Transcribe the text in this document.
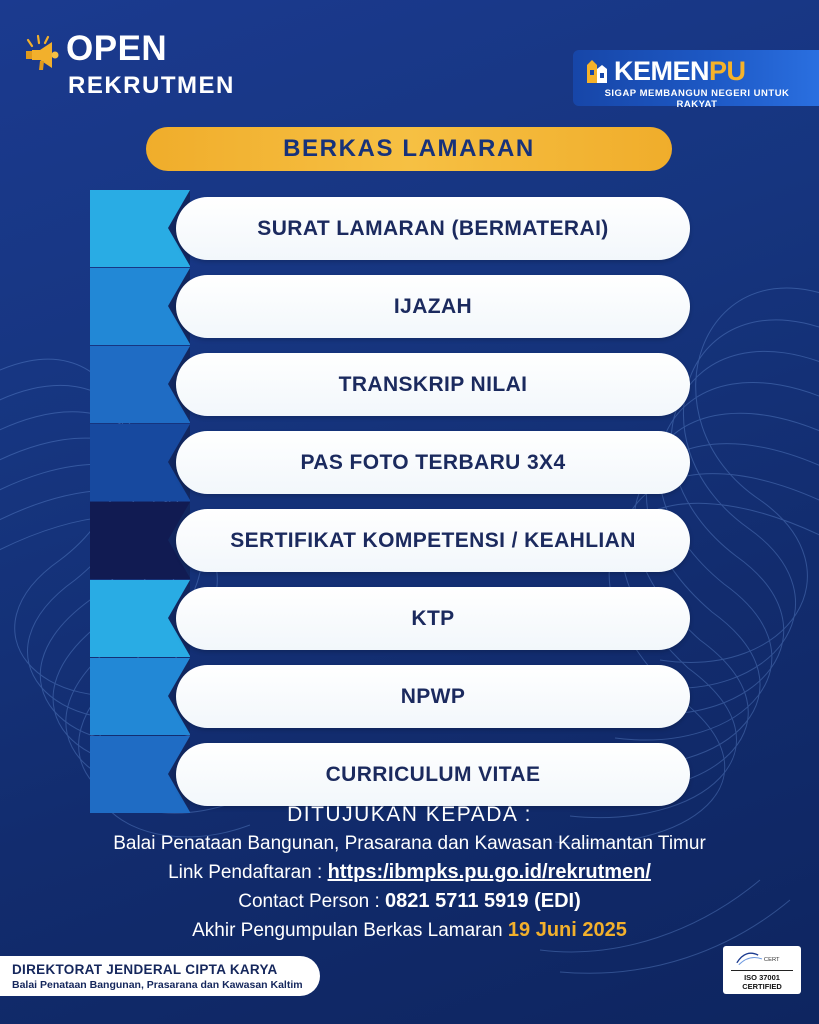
OPEN
REKRUTMEN	KEMENPU
SIGAP MEMBANGUN NEGERI UNTUK RAKYAT
BERKAS LAMARAN
SURAT LAMARAN (BERMATERAI)
IJAZAH
TRANSKRIP NILAI
PAS FOTO TERBARU 3X4
SERTIFIKAT KOMPETENSI / KEAHLIAN
KTP
NPWP
CURRICULUM VITAE
DITUJUKAN KEPADA :
Balai Penataan Bangunan, Prasarana dan Kawasan Kalimantan Timur
Link Pendaftaran : https:/ibmpks.pu.go.id/rekrutmen/
Contact Person : 0821 5711 5919 (EDI)
Akhir Pengumpulan Berkas Lamaran 19 Juni 2025
DIREKTORAT JENDERAL CIPTA KARYA
Balai Penataan Bangunan, Prasarana dan Kawasan Kaltim
CERT
ISO 37001
CERTIFIED
